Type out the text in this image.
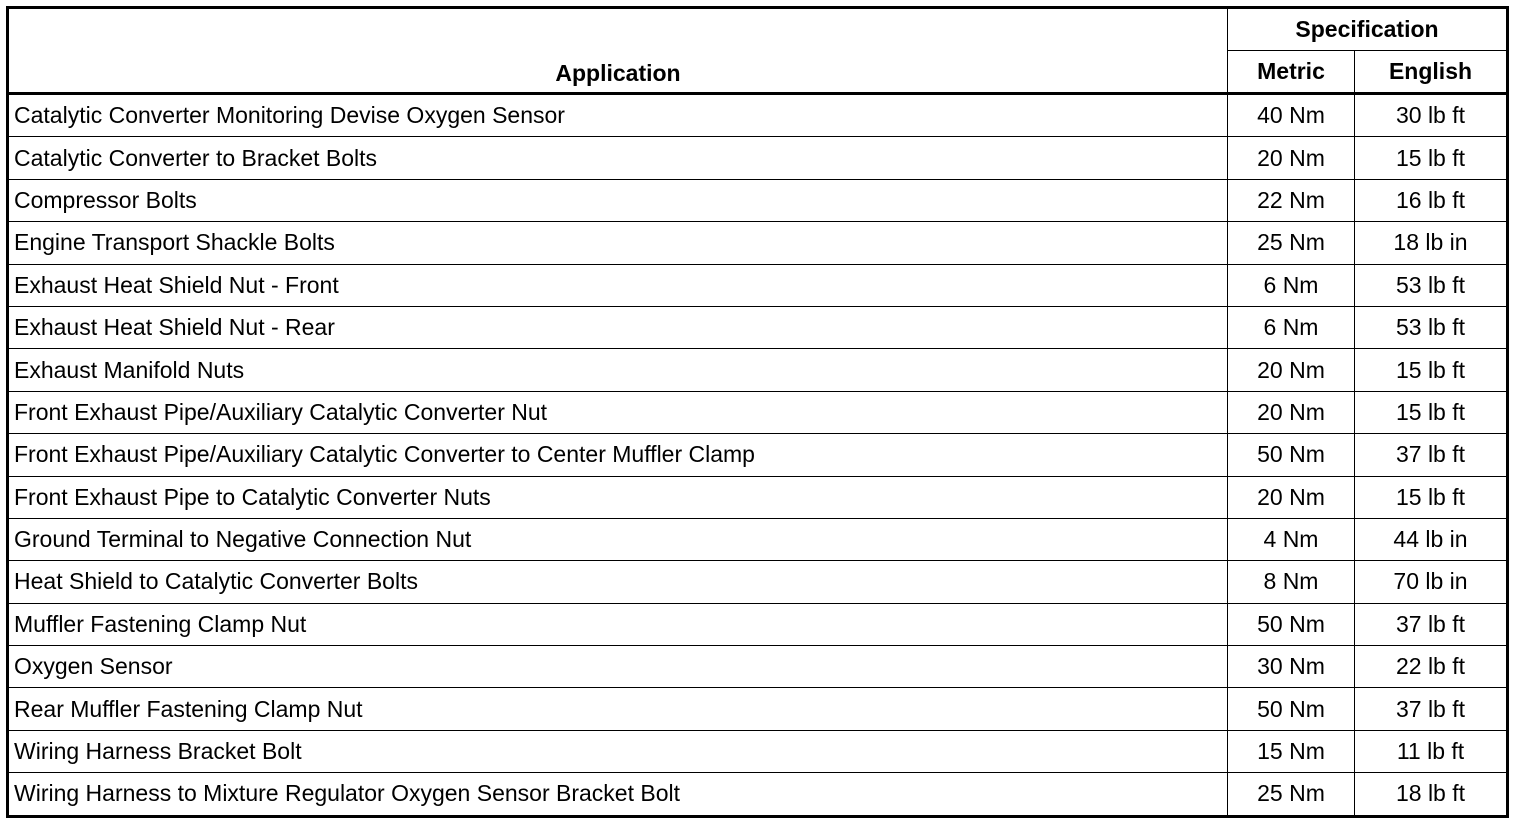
Application	Specification	
	Metric	English
Catalytic Converter Monitoring Devise Oxygen Sensor	40 Nm	30 lb ft
Catalytic Converter to Bracket Bolts	20 Nm	15 lb ft
Compressor Bolts	22 Nm	16 lb ft
Engine Transport Shackle Bolts	25 Nm	18 lb in
Exhaust Heat Shield Nut - Front	6 Nm	53 lb ft
Exhaust Heat Shield Nut - Rear	6 Nm	53 lb ft
Exhaust Manifold Nuts	20 Nm	15 lb ft
Front Exhaust Pipe/Auxiliary Catalytic Converter Nut	20 Nm	15 lb ft
Front Exhaust Pipe/Auxiliary Catalytic Converter to Center Muffler Clamp	50 Nm	37 lb ft
Front Exhaust Pipe to Catalytic Converter Nuts	20 Nm	15 lb ft
Ground Terminal to Negative Connection Nut	4 Nm	44 lb in
Heat Shield to Catalytic Converter Bolts	8 Nm	70 lb in
Muffler Fastening Clamp Nut	50 Nm	37 lb ft
Oxygen Sensor	30 Nm	22 lb ft
Rear Muffler Fastening Clamp Nut	50 Nm	37 lb ft
Wiring Harness Bracket Bolt	15 Nm	11 lb ft
Wiring Harness to Mixture Regulator Oxygen Sensor Bracket Bolt	25 Nm	18 lb ft
